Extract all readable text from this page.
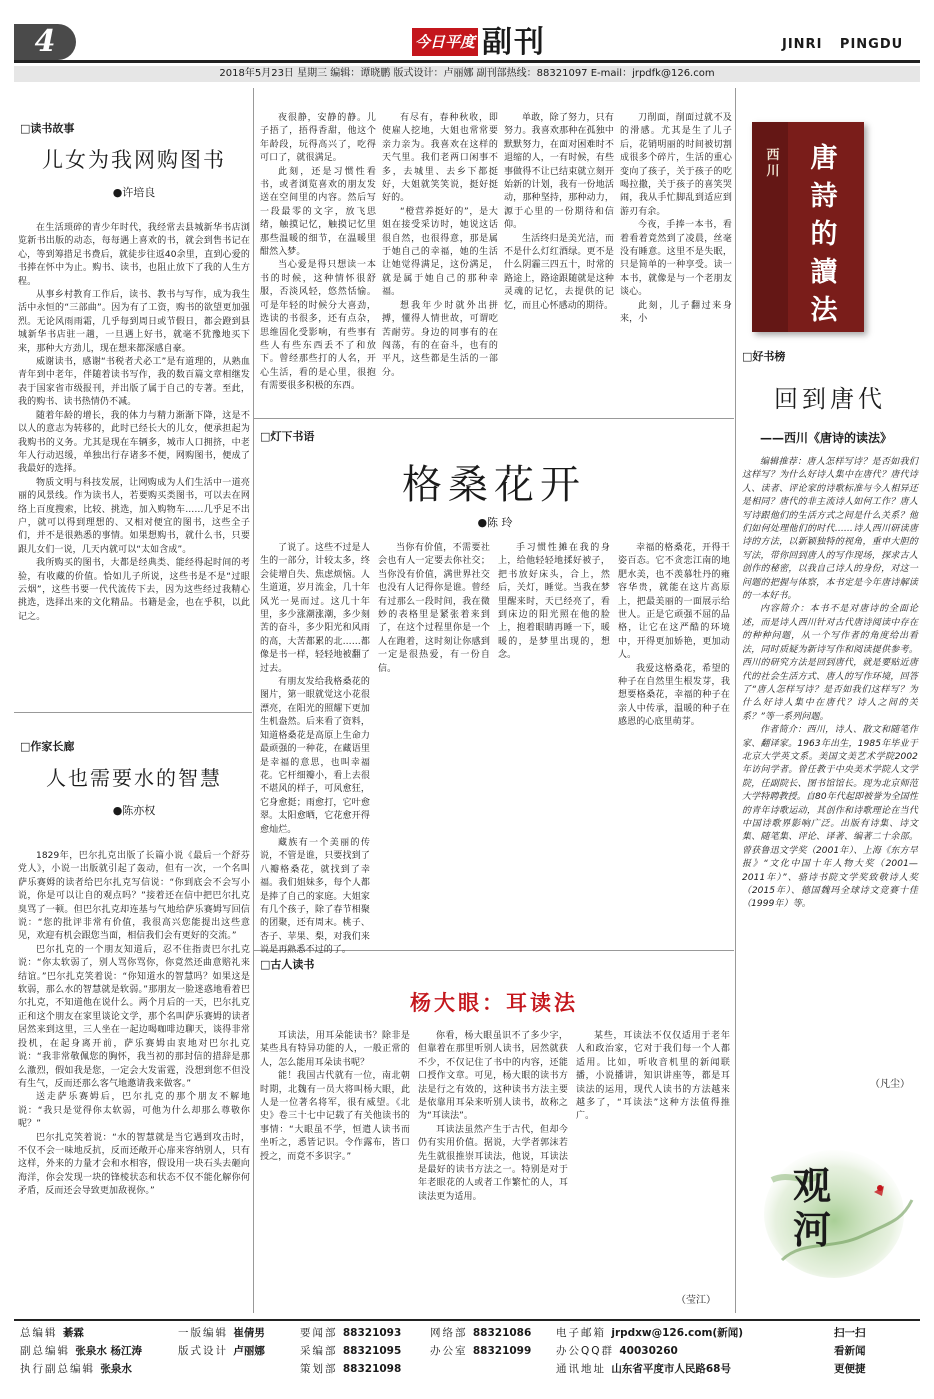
4	今日平度 副刊	JINRI PINGDU
2018年5月23日 星期三 编辑：谭晓鹏 版式设计：卢丽娜 副刊部热线：88321097 E-mail：jrpdfk@126.com
□读书故事
儿女为我网购图书
●许培良

在生活琐碎的青少年时代，我经常去县城新华书店浏览新书出版的动态，每每遇上喜欢的书，就会到售书记在心，等到筹措足书费后，就徒步往返40余里，直到心爱的书捧在怀中为止。购书、读书，也阻止放下了我的人生方程。

从事乡村教育工作后，读书、教书与写作，成为我生活中永恒的“三部曲”。因为有了工资，购书的欲望更加强烈。无论风雨雨霜，几乎每到周日或节假日，都会蹬到县城新华书店驻一趟，一旦遇上好书，就毫不犹豫地买下来，那种大方劲儿，现在想来都深感自豪。

威谢读书，感谢“书税者犬必工”是有道理的，从熟血青年到中老年，伴随着读书写作，我的数百篇文章相继发表于国家省市级报刊，并出版了属于自己的专著。至此，我的购书、读书热情仍不减。

随着年龄的增长，我的体力与精力渐渐下降，这是不以人的意志为转移的，此时已经长大的儿女，便承担起为我购书的义务。尤其是现在车辆多，城市人口拥挤，中老年人行动迟缓，单独出行存诸多不便，网购图书，便成了我最好的选择。

物质文明与科技发展，让网购成为人们生活中一道亮丽的风景线。作为读书人，若要购买类图书，可以去在网络上百度搜索，比较、挑选，加入购物车……几乎足不出户，就可以得到理想的、又相对便宜的图书，这些全子们，并不是很熟悉的事情。如果想购书，就什么书，只要跟儿女们一说，几天内就可以“太如含成”。

我所购买的图书，大都是经典类、能经得起时间的考验，有收藏的价值。恰如儿子所说，这些书是不是“过眼云烟”，这些书要一代代流传下去，因为这些经过我精心挑选，选择出来的文化精品。书籍是金，也在乎积，以此记之。

□作家长廊
人也需要水的智慧
●陈亦权

1829年，巴尔扎克出版了长篇小说《最后一个舒芬党人》，小说一出版就引起了轰动，但有一次，一个名叫萨乐赛姆的读者给巴尔扎克写信说：“你到底会不会写小说，你是可以让自的观点吗？”接着还在信中把巴尔扎克臭骂了一顿。但巴尔扎克却连基与气地给萨乐赛姆写回信说：“您的批评非常有价值，我很高兴您能提出这些意见，欢迎有机会跟您当面，相信我们会有更好的交流。”

巴尔扎克的一个朋友知道后，忍不住指责巴尔扎克说：“你太软弱了，别人骂你骂你，你竟然还曲意赔礼来结谊。”巴尔扎克笑着说：“你知道水的智慧吗？如果这是软弱，那么水的智慧就是软弱。”那朋友一脸迷惑地看着巴尔扎克，不知道他在说什么。两个月后的一天，巴尔扎克正和这个朋友在家里谈论文学，那个名叫萨乐赛姆的读者居然来到这里，三人坐在一起边喝咖啡边聊天，谈得非常投机，在起身离开前，萨乐赛姆由衷地对巴尔扎克说：“我非常敬佩您的胸怀，我当初的那封信的措辞是那么激烈，假如我是您，一定会大发雷霆，没想到您不但没有生气，反而还那么客气地邀请我来做客。”

送走萨乐赛姆后，巴尔扎克的那个朋友不解地说：“我只是觉得你太软弱，可他为什么却那么尊敬你呢？”

巴尔扎克笑着说：“水的智慧就是当它遇到攻击时，不仅不会一味地反抗，反而还敞开心扉来容纳别人，只有这样，外来的力量才会和水相容，假设用一块石头去砸向海洋，你会发现一块的锋棱状态和状态不仅不能化解你何矛盾，反而还会导致更加敌视你。”

夜很静，安静的静。儿子捂了，捂得香甜，他这个年龄段，玩得高兴了，吃得可口了，就很满足。

此刻，还是习惯性看书，或者浏览喜欢的朋友发送在空间里的内容。然后写一段最零的文字，放飞思绪，触摸记忆，触摸记忆里那些温暖的细节，在温暖里酣然入梦。

当心爱是得只想读一本书的时候，这种情怀很舒服，否淡风轻，悠然恬愉。可是年轻的时候分大喜劲，选读的书很多，还有点杂，思维固化受影响，有些事有些人有些东西丢不了和放下。曾经那些打的人名，开心生活，看的是心里，很抱有需要很多积极的东西。

有尽有，春种秋收，即使雇人挖地，大姐也常常要亲力亲为。我喜欢在这样的天气里。我们老两口闲事不多，去城里、去乡下都挺好，大姐就笑笑说，挺好挺好的。

“橙营养挺好的”，是大姐在接受采访时，她说这话很自然，也很得意，那是属于她自己的幸福，她的生活让她觉得满足，这份满足，就是属于她自己的那种幸福。

想我年少时就外出拼搏，懂得人情世故，可谓吃苦耐劳。身边的同事有的在闯荡，有的在奋斗，也有的平凡，这些都是生活的一部分。

单敢，除了努力，只有努力。我喜欢那种在孤独中默默努力，在面对困难时不退缩的人，一有时候，有些事做得不让已结束就立刻开始新的计划，我有一份地活动，那种坚持，那种动力，源于心里的一份期待和信仰。

生活终归是美光洁，而不是什么灯红酒绿。更不是什么阴霾三四五十，时常的路途上，路途跟随就是这种灵魂的记忆，去提供的记忆，而且心怀感动的期待。

刀削面，削面过就不及的滑感。尤其是生了儿子后，花销明丽的时间被切割成很多个碎片，生活的重心变向了孩子，关于孩子的吃喝拉撒，关于孩子的喜笑哭闹，我从手忙脚乱到适应到游刃有余。

今夜，手捧一本书，看着看着竟然到了凌晨，丝毫没有睡意。这里不是失眠，只是简单的一种享受。读一本书，就像是与一个老朋友谈心。

此刻，儿子翻过来身来，小

□灯下书语
格桑花开
●陈 玲

了说了。这些不过是人生的一部分，计较太多，终会徒增自失、焦虑烦恼。人生道道，岁月流金，几十年风光一晃而过。这几十年里，多少涨潮涨潮，多少刻苦的奋斗，多少阳光和风雨的高，大苦都累的北……都像是书一样，轻轻地被翻了过去。

有朋友发给我格桑花的图片，第一眼就觉这小花很漂亮，在阳光的照耀下更加生机盎然。后来看了资料，知道格桑花是高原上生命力最顽强的一种花，在藏语里是幸福的意思，也叫幸福花。它杆细瓣小，看上去很不堪风的样子，可风愈狂，它身愈挺；雨愈打，它叶愈翠。太阳愈晒，它花愈开得愈灿烂。

藏族有一个美丽的传说，不管是谁，只要找到了八瓣格桑花，就找到了幸福。我们姐妹多，每个人都是捧了自己的家庭。大姐家有几个孩子，除了春节相聚的团聚，还有周末。桃子、杏子、苹果、梨，对我们来说是再熟悉不过的了。

当你有价值，不需要社会也有人一定要去你社交；当你没有价值，满世界社交也没有人记得你是谁。曾经有过那么一段时间，我在微妙的表格里是紧张着来到了，在这个过程里你是一个人在跑着，这时刻让你感到一定是很热爱，有一份自信。

手习惯性摊在我的身上，给他轻轻地揉好被子，把书放好床头，合上，然后，关灯，睡觉。当我在梦里醒来时，天已经亮了，看到床边的阳光照在他的脸上，抱着眼睛再睡一下，暖暖的，是梦里出现的，想念。

幸福的格桑花，开得干姿百态。它不贪恋江南的地肥水美，也不羡慕牡丹的雍容华贵，就能在这片高原上，把最美丽的一面展示给世人。正是它顽强不屈的品格，让它在这严酷的环境中，开得更加娇艳，更加动人。

我爱这格桑花，希望的种子在自然里生根发芽，我想要格桑花，幸福的种子在亲人中传承，温暖的种子在感恩的心底里萌芽。

□古人读书
杨大眼：耳读法

耳读法，用耳朵能读书？除非是某些具有特异功能的人，一般正常的人，怎么能用耳朵读书呢？

能！我国古代就有一位，南北朝时期，北魏有一员大将叫杨大眼，此人是一位著名将军，很有威望。《北史》卷三十七中记载了有关他读书的事情：“大眼虽不学，恒遣人读书而坐听之，悉皆记识。令作露布，皆口授之，而竟不多识字。”

你看，杨大眼虽识不了多少字，但靠着在那里听别人读书，居然就获不少，不仅记住了书中的内容，还能口授作文章。可见，杨大眼的读书方法是行之有效的，这种读书方法主要是依靠用耳朵来听别人读书，故称之为“耳读法”。

耳读法虽然产生于古代，但却今仍有实用价值。据说，大学者郭沫若先生就很推崇耳读法，他说，耳读法是最好的读书方法之一。特别是对于年老眼花的人或者工作繁忙的人，耳读法更为适用。

某些，耳读法不仅仅适用于老年人和政治家，它对于我们每一个人都适用。比如，听收音机里的新闻联播，小说播讲，知识讲座等，都是耳读法的运用，现代人读书的方法越来越多了，“耳读法”这种方法值得推广。

（莹江）
西川	唐詩的讀法
□好书榜
回到唐代
——西川《唐诗的读法》

编辑推荐：唐人怎样写诗？是否如我们这样写？为什么好诗人集中在唐代？唐代诗人、读者、评论家的诗歌标准与今人相异还是相同？唐代的非主流诗人如何工作？唐人写诗跟他们的生活方式之间是什么关系？他们如何处理他们的时代……诗人西川研读唐诗的方法，以新颖独特的视角，重申大胆的写法，带你回到唐人的写作现场，探求古人创作的秘密，以我自己诗人的身份，对这一问题的把握与体察，本书定是今年唐诗解读的一本好书。

内容简介：本书不是对唐诗的全面论述，而是诗人西川针对古代唐诗阅读中存在的种种问题，从一个写作者的角度给出看法，同时质疑为新诗写作和阅读提供参考。西川的研究方法是回到唐代，就是要贴近唐代的社会生活方式、唐人的写作环境，回答了“唐人怎样写诗？是否如我们这样写？为什么好诗人集中在唐代？诗人之间的关系？”等一系列问题。

作者简介：西川，诗人、散文和随笔作家、翻译家。1963年出生，1985年毕业于北京大学英文系。美国文美艺术学院2002年访问学者。曾任教于中央美术学院人文学院，任副院长、图书馆馆长。现为北京师范大学特聘教授。自80年代起即被誉为全国性的青年诗歌运动，其创作和诗歌理论在当代中国诗歌界影响广泛。出版有诗集、诗文集、随笔集、评论、译著、编著二十余部。曾获鲁迅文学奖（2001年）、上海《东方早报》“文化中国十年人物大奖（2001—2011年）”、骆诗书院文学奖致敬诗人奖（2015年）、德国魏玛全球诗文竞赛十佳（1999年）等。

（凡尘）
观河
总编辑 綦霖	一版编辑 崔倩男	要闻部 88321093	网络部 88321086 电子邮箱 jrpdxw@126.com(新闻)	扫一扫
副总编辑 张泉水 杨江涛	版式设计 卢丽娜	采编部 88321095	办公室 88321099 办公QQ群 40030260	看新闻
执行副总编辑 张泉水	策划部 88321098	通讯地址 山东省平度市人民路68号	更便捷
